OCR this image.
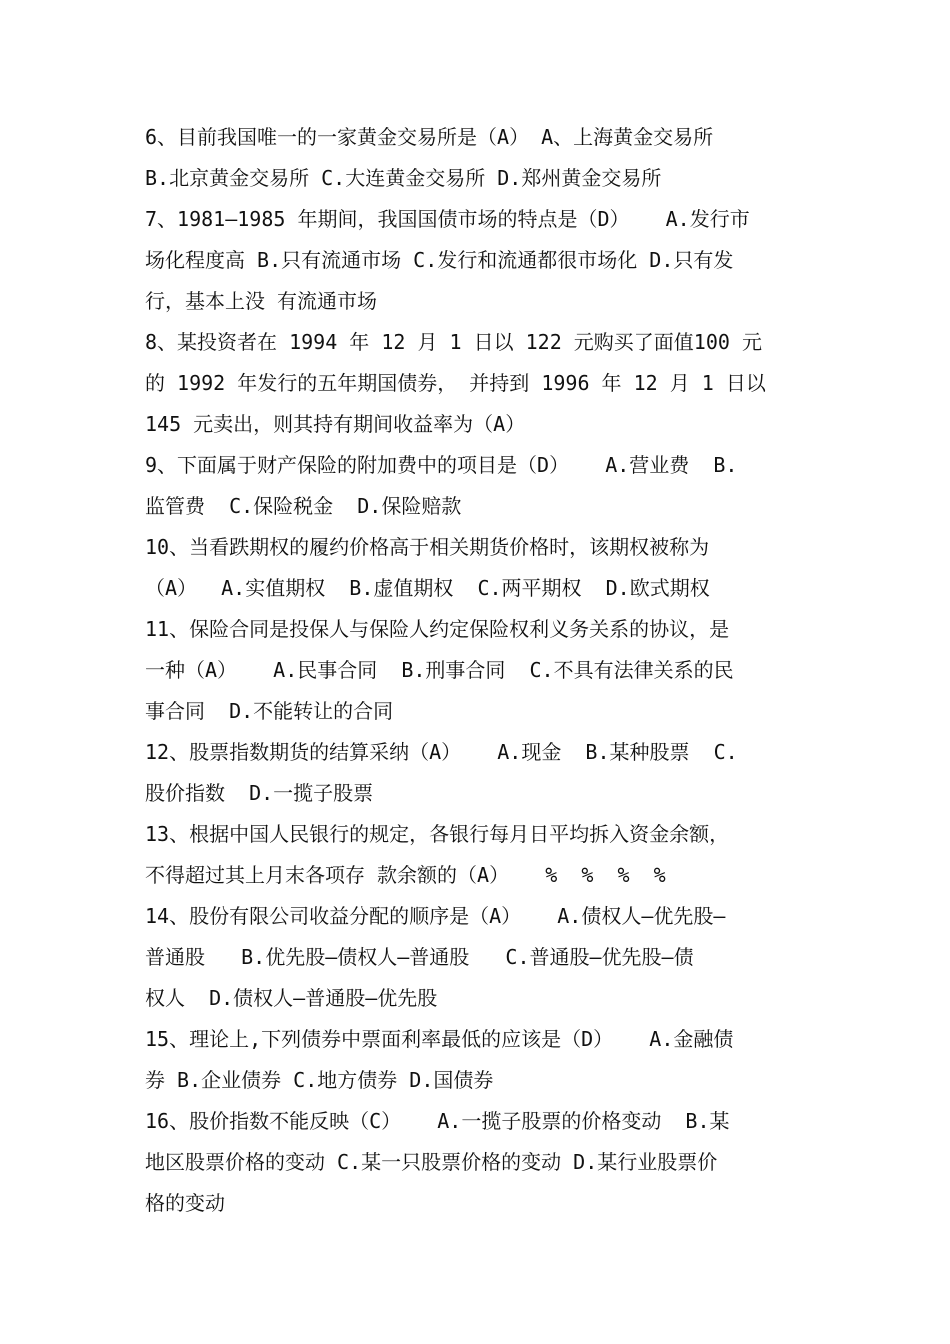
6、目前我国唯一的一家黄金交易所是（A） A、上海黄金交易所
B.北京黄金交易所 C.大连黄金交易所 D.郑州黄金交易所
7、1981—1985 年期间，我国国债市场的特点是（D）   A.发行市
场化程度高 B.只有流通市场 C.发行和流通都很市场化 D.只有发
行，基本上没 有流通市场
8、某投资者在 1994 年 12 月 1 日以 122 元购买了面值100 元
的 1992 年发行的五年期国债券， 并持到 1996 年 12 月 1 日以
145 元卖出，则其持有期间收益率为（A）
9、下面属于财产保险的附加费中的项目是（D）   A.营业费  B.
监管费  C.保险税金  D.保险赔款
10、当看跌期权的履约价格高于相关期货价格时，该期权被称为
（A）  A.实值期权  B.虚值期权  C.两平期权  D.欧式期权
11、保险合同是投保人与保险人约定保险权利义务关系的协议，是
一种（A）   A.民事合同  B.刑事合同  C.不具有法律关系的民
事合同  D.不能转让的合同
12、股票指数期货的结算采纳（A）   A.现金  B.某种股票  C.
股价指数  D.一揽子股票
13、根据中国人民银行的规定，各银行每月日平均拆入资金余额，
不得超过其上月末各项存 款余额的（A）   %  %  %  %
14、股份有限公司收益分配的顺序是（A）   A.债权人—优先股—
普通股   B.优先股—债权人—普通股   C.普通股—优先股—债
权人  D.债权人—普通股—优先股
15、理论上,下列债券中票面利率最低的应该是（D）   A.金融债
券 B.企业债券 C.地方债券 D.国债券
16、股价指数不能反映（C）   A.一揽子股票的价格变动  B.某
地区股票价格的变动 C.某一只股票价格的变动 D.某行业股票价
格的变动
